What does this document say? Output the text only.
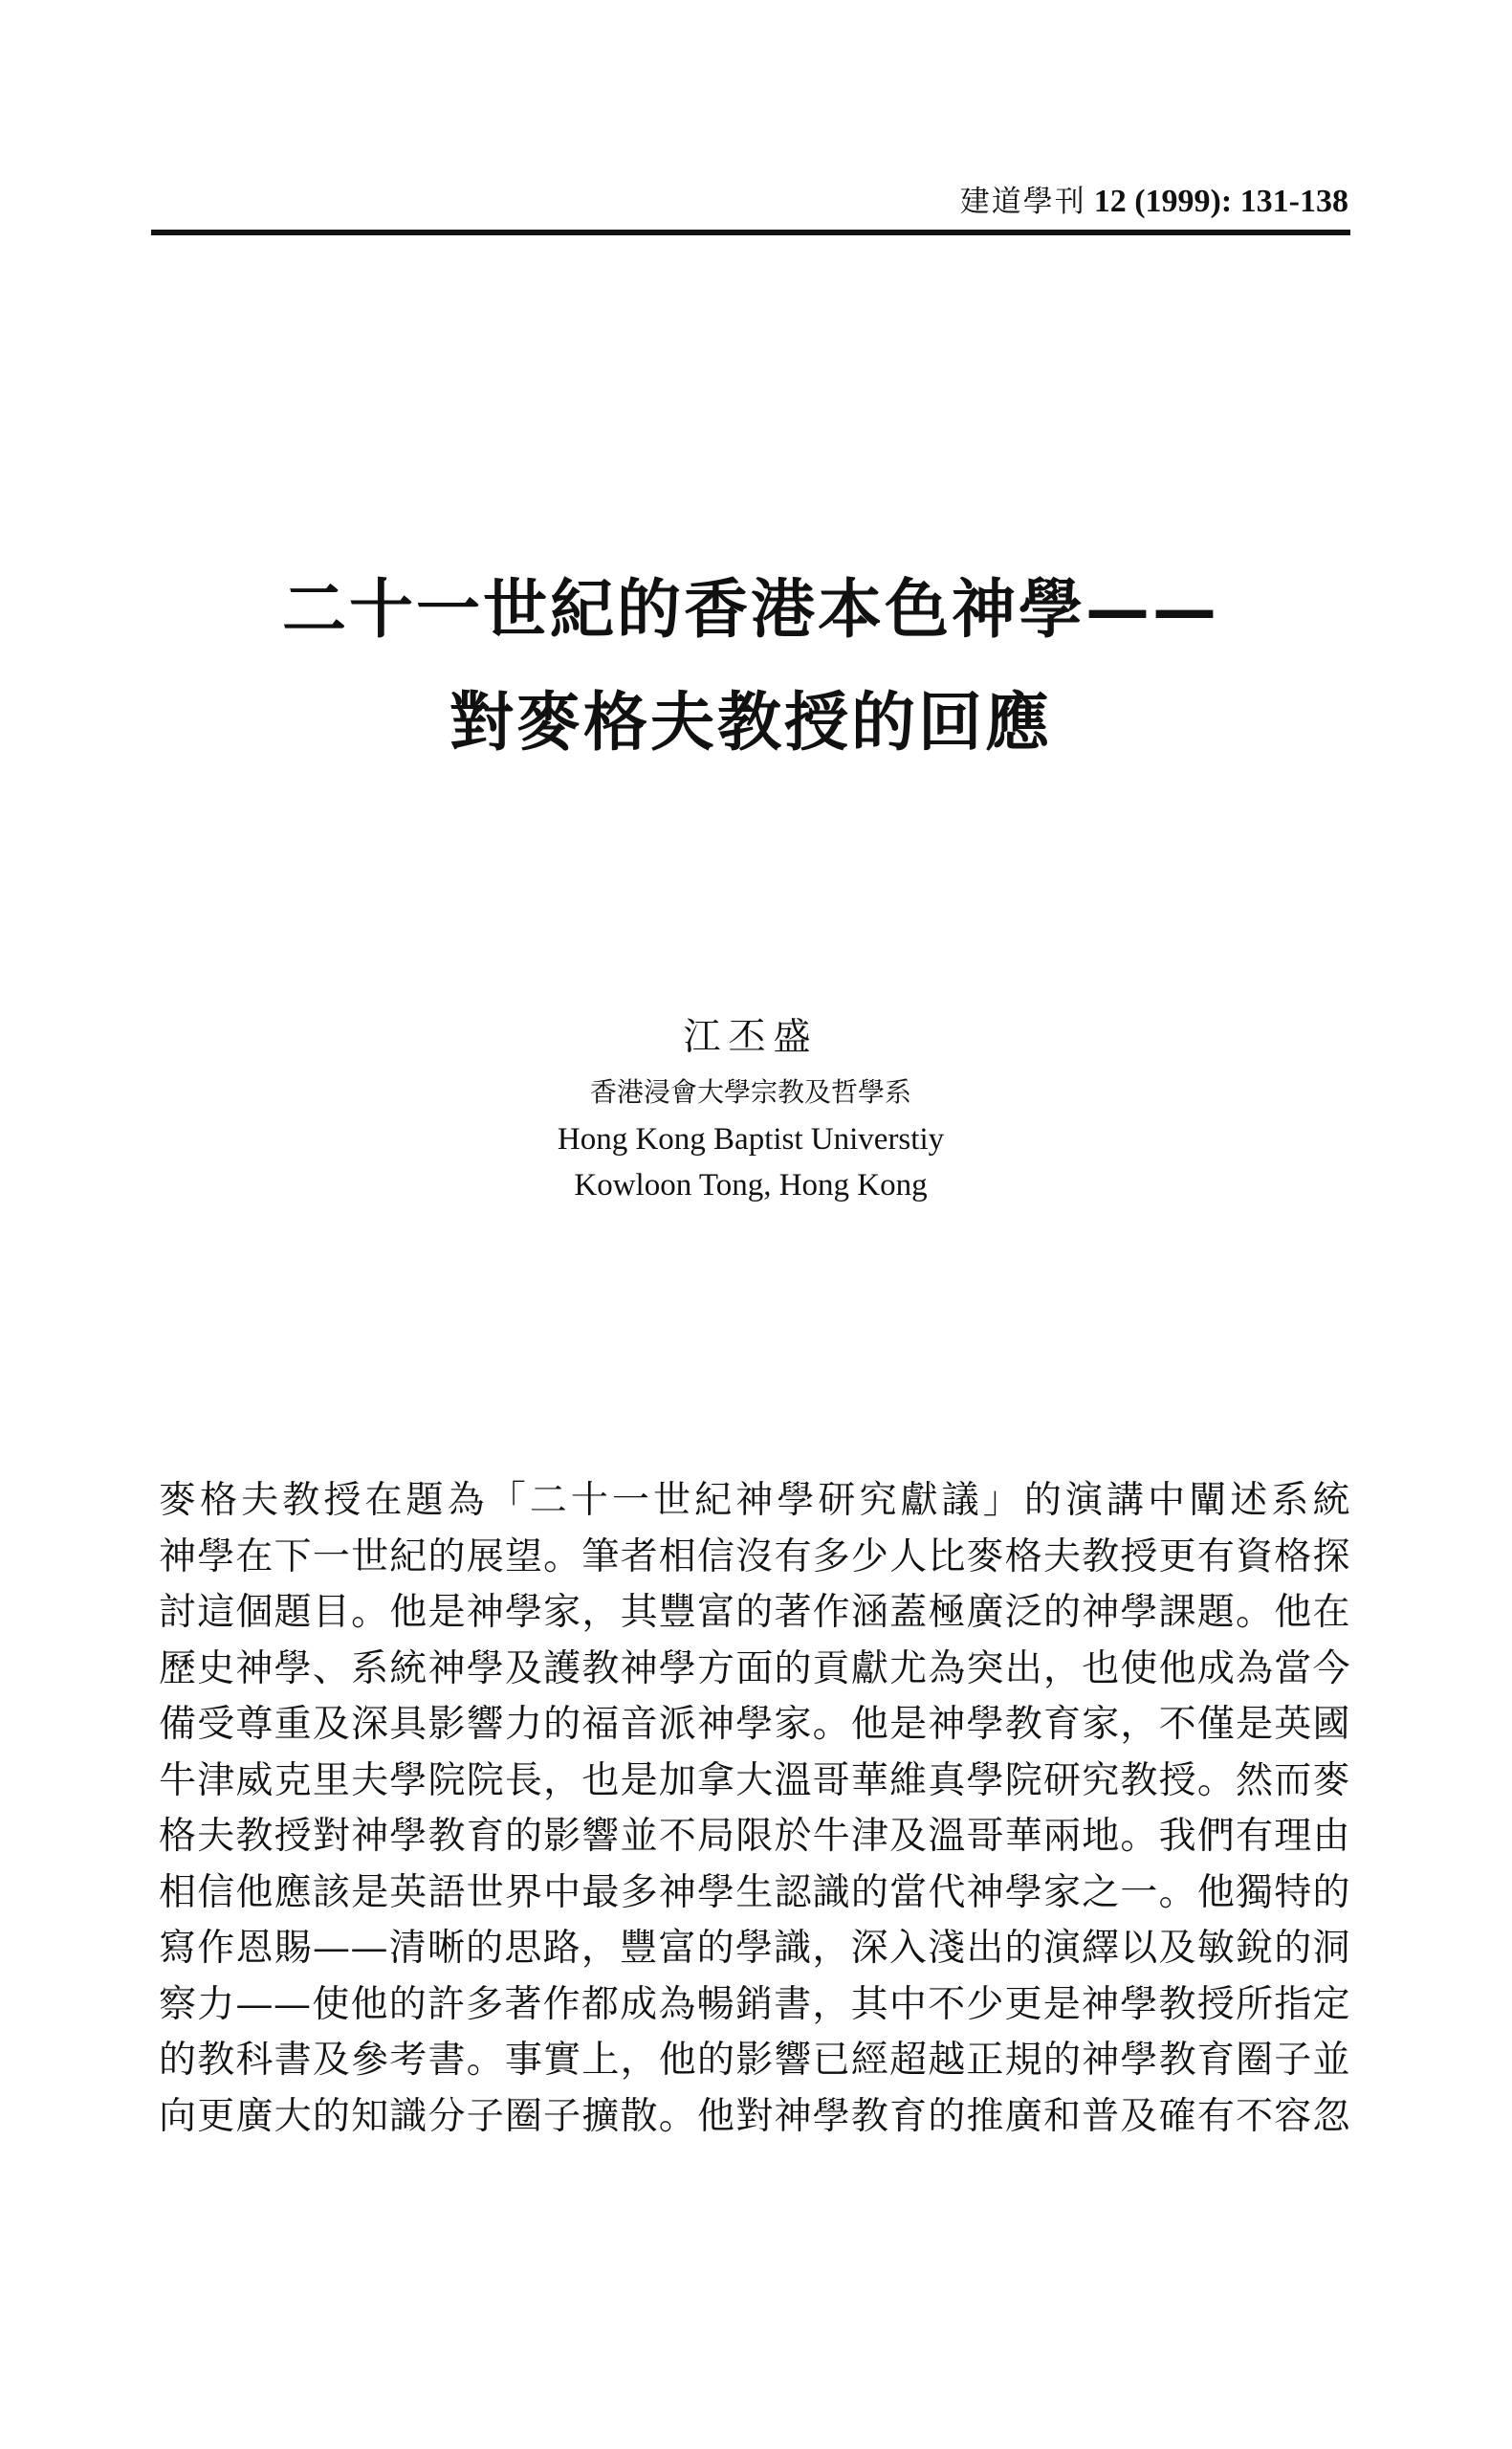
建道學刊 12 (1999): 131-138
二十一世紀的香港本色神學——
對麥格夫教授的回應
江丕盛
香港浸會大學宗教及哲學系
Hong Kong Baptist Universtiy
Kowloon Tong, Hong Kong
麥格夫教授在題為「二十一世紀神學研究獻議」的演講中闡述系統
神學在下一世紀的展望。筆者相信沒有多少人比麥格夫教授更有資格探
討這個題目。他是神學家，其豐富的著作涵蓋極廣泛的神學課題。他在
歷史神學、系統神學及護教神學方面的貢獻尤為突出，也使他成為當今
備受尊重及深具影響力的福音派神學家。他是神學教育家，不僅是英國
牛津威克里夫學院院長，也是加拿大溫哥華維真學院研究教授。然而麥
格夫教授對神學教育的影響並不局限於牛津及溫哥華兩地。我們有理由
相信他應該是英語世界中最多神學生認識的當代神學家之一。他獨特的
寫作恩賜——清晰的思路，豐富的學識，深入淺出的演繹以及敏銳的洞
察力——使他的許多著作都成為暢銷書，其中不少更是神學教授所指定
的教科書及參考書。事實上，他的影響已經超越正規的神學教育圈子並
向更廣大的知識分子圈子擴散。他對神學教育的推廣和普及確有不容忽
